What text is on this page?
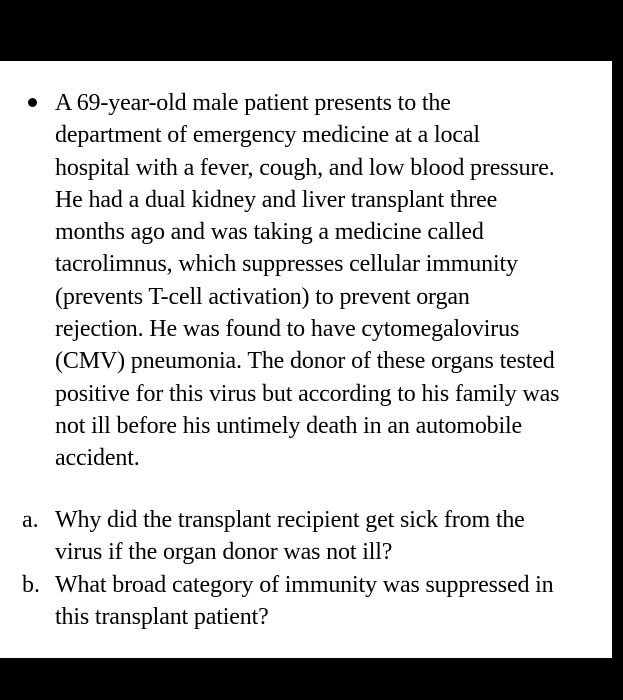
A 69-year-old male patient presents to the
department of emergency medicine at a local
hospital with a fever, cough, and low blood pressure.
He had a dual kidney and liver transplant three
months ago and was taking a medicine called
tacrolimnus, which suppresses cellular immunity
(prevents T-cell activation) to prevent organ
rejection. He was found to have cytomegalovirus
(CMV) pneumonia. The donor of these organs tested
positive for this virus but according to his family was
not ill before his untimely death in an automobile
accident.

a. Why did the transplant recipient get sick from the
virus if the organ donor was not ill?
b. What broad category of immunity was suppressed in
this transplant patient?
